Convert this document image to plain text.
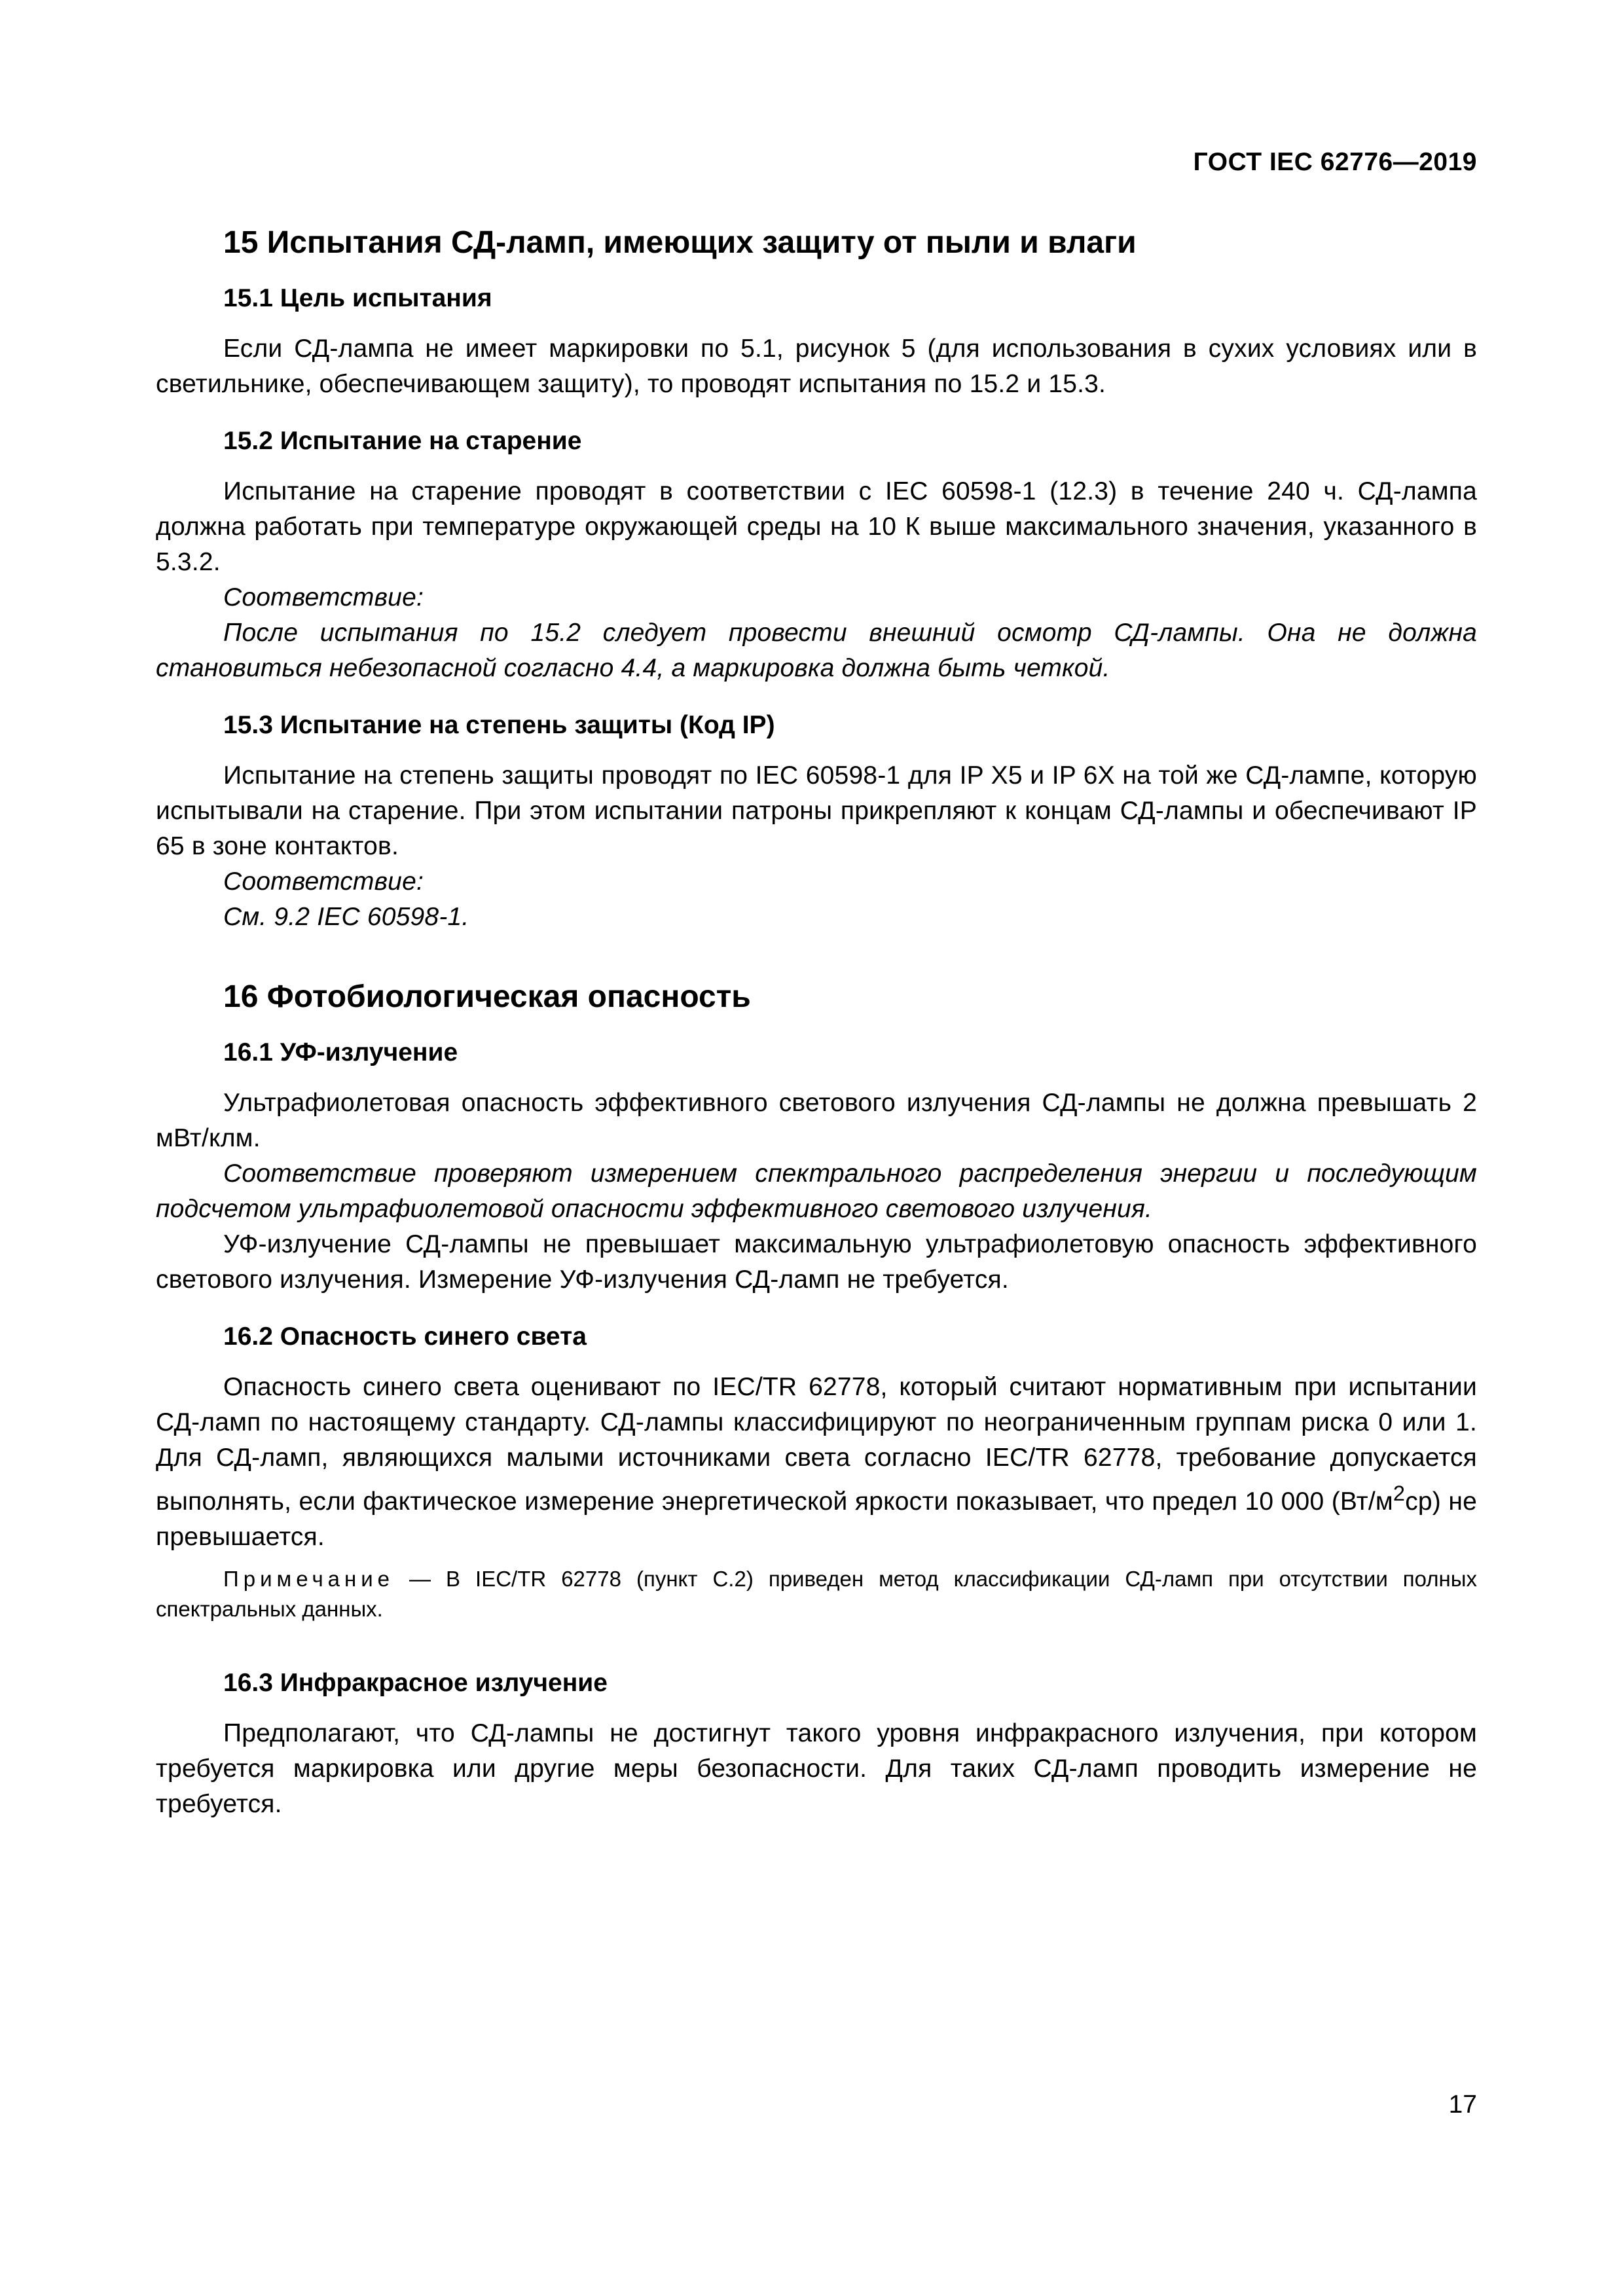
ГОСТ IEC 62776—2019
15 Испытания СД-ламп, имеющих защиту от пыли и влаги
15.1 Цель испытания

Если СД-лампа не имеет маркировки по 5.1, рисунок 5 (для использования в сухих условиях или в светильнике, обеспечивающем защиту), то проводят испытания по 15.2 и 15.3.

15.2 Испытание на старение

Испытание на старение проводят в соответствии с IEC 60598-1 (12.3) в течение 240 ч. СД-лампа должна работать при температуре окружающей среды на 10 К выше максимального значения, указанного в 5.3.2.

Соответствие:

После испытания по 15.2 следует провести внешний осмотр СД-лампы. Она не должна становиться небезопасной согласно 4.4, а маркировка должна быть четкой.

15.3 Испытание на степень защиты (Код IP)

Испытание на степень защиты проводят по IEC 60598-1 для IP X5 и IP 6X на той же СД-лампе, которую испытывали на старение. При этом испытании патроны прикрепляют к концам СД-лампы и обеспечивают IP 65 в зоне контактов.

Соответствие:

См. 9.2 IEC 60598-1.

16 Фотобиологическая опасность
16.1 УФ-излучение

Ультрафиолетовая опасность эффективного светового излучения СД-лампы не должна превышать 2 мВт/клм.

Соответствие проверяют измерением спектрального распределения энергии и последующим подсчетом ультрафиолетовой опасности эффективного светового излучения.

УФ-излучение СД-лампы не превышает максимальную ультрафиолетовую опасность эффективного светового излучения. Измерение УФ-излучения СД-ламп не требуется.

16.2 Опасность синего света

Опасность синего света оценивают по IEC/TR 62778, который считают нормативным при испытании СД-ламп по настоящему стандарту. СД-лампы классифицируют по неограниченным группам риска 0 или 1. Для СД-ламп, являющихся малыми источниками света согласно IEC/TR 62778, требование допускается выполнять, если фактическое измерение энергетической яркости показывает, что предел 10 000 $(Вт/м^2ср)$ не превышается.

Примечание — В IEC/TR 62778 (пункт С.2) приведен метод классификации СД-ламп при отсутствии полных спектральных данных.

16.3 Инфракрасное излучение

Предполагают, что СД-лампы не достигнут такого уровня инфракрасного излучения, при котором требуется маркировка или другие меры безопасности. Для таких СД-ламп проводить измерение не требуется.

17
